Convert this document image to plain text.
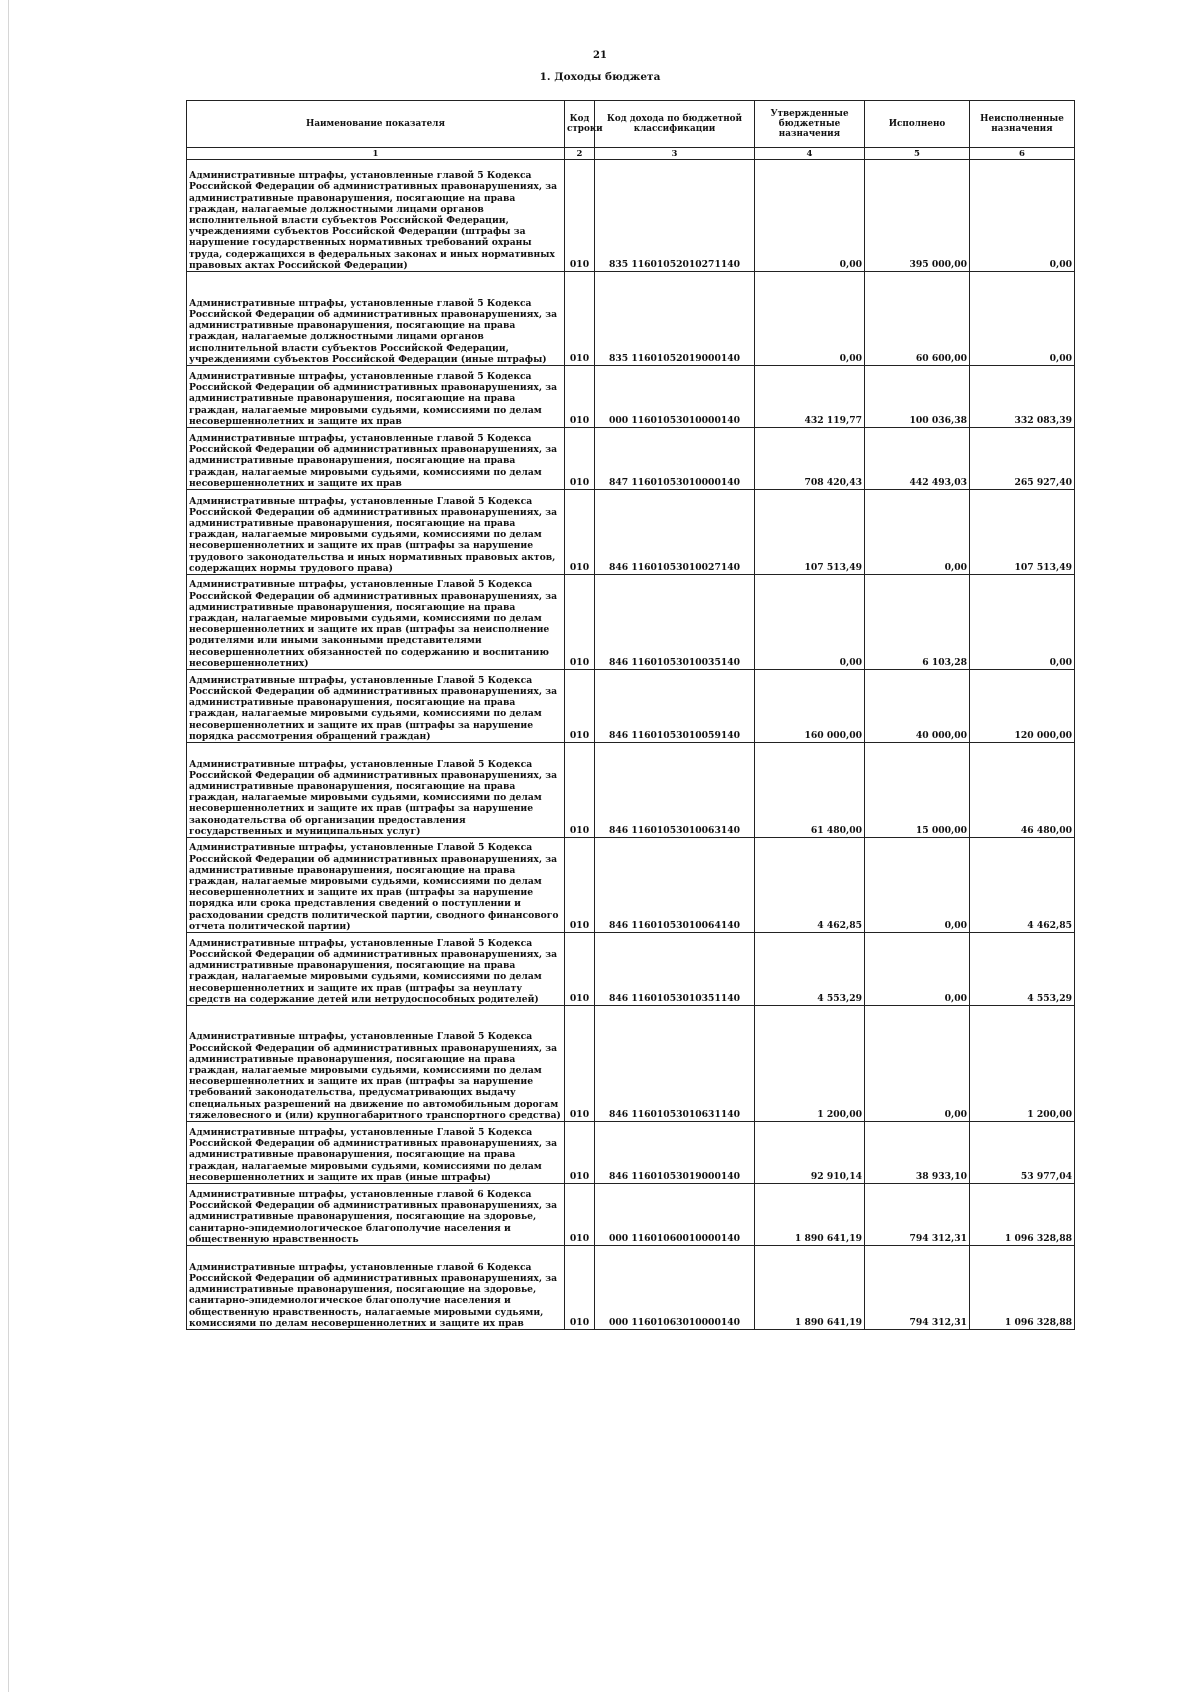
21
1. Доходы бюджета
Наименование показателя	Код строки	Код дохода по бюджетной классификации	Утвержденные бюджетные назначения	Исполнено	Неисполненные назначения
1	2	3	4	5	6
Административные штрафы, установленные главой 5 Кодекса Российской Федерации об административных правонарушениях, за административные правонарушения, посягающие на права граждан, налагаемые должностными лицами органов исполнительной власти субъектов Российской Федерации, учреждениями субъектов Российской Федерации (штрафы за нарушение государственных нормативных требований охраны труда, содержащихся в федеральных законах и иных нормативных правовых актах Российской Федерации)	010	835 11601052010271140	0,00	395 000,00	0,00
Административные штрафы, установленные главой 5 Кодекса Российской Федерации об административных правонарушениях, за административные правонарушения, посягающие на права граждан, налагаемые должностными лицами органов исполнительной власти субъектов Российской Федерации, учреждениями субъектов Российской Федерации (иные штрафы)	010	835 11601052019000140	0,00	60 600,00	0,00
Административные штрафы, установленные главой 5 Кодекса Российской Федерации об административных правонарушениях, за административные правонарушения, посягающие на права граждан, налагаемые мировыми судьями, комиссиями по делам несовершеннолетних и защите их прав	010	000 11601053010000140	432 119,77	100 036,38	332 083,39
Административные штрафы, установленные главой 5 Кодекса Российской Федерации об административных правонарушениях, за административные правонарушения, посягающие на права граждан, налагаемые мировыми судьями, комиссиями по делам несовершеннолетних и защите их прав	010	847 11601053010000140	708 420,43	442 493,03	265 927,40
Административные штрафы, установленные Главой 5 Кодекса Российской Федерации об административных правонарушениях, за административные правонарушения, посягающие на права граждан, налагаемые мировыми судьями, комиссиями по делам несовершеннолетних и защите их прав (штрафы за нарушение трудового законодательства и иных нормативных правовых актов, содержащих нормы трудового права)	010	846 11601053010027140	107 513,49	0,00	107 513,49
Административные штрафы, установленные Главой 5 Кодекса Российской Федерации об административных правонарушениях, за административные правонарушения, посягающие на права граждан, налагаемые мировыми судьями, комиссиями по делам несовершеннолетних и защите их прав (штрафы за неисполнение родителями или иными законными представителями несовершеннолетних обязанностей по содержанию и воспитанию несовершеннолетних)	010	846 11601053010035140	0,00	6 103,28	0,00
Административные штрафы, установленные Главой 5 Кодекса Российской Федерации об административных правонарушениях, за административные правонарушения, посягающие на права граждан, налагаемые мировыми судьями, комиссиями по делам несовершеннолетних и защите их прав (штрафы за нарушение порядка рассмотрения обращений граждан)	010	846 11601053010059140	160 000,00	40 000,00	120 000,00
Административные штрафы, установленные Главой 5 Кодекса Российской Федерации об административных правонарушениях, за административные правонарушения, посягающие на права граждан, налагаемые мировыми судьями, комиссиями по делам несовершеннолетних и защите их прав (штрафы за нарушение законодательства об организации предоставления государственных и муниципальных услуг)	010	846 11601053010063140	61 480,00	15 000,00	46 480,00
Административные штрафы, установленные Главой 5 Кодекса Российской Федерации об административных правонарушениях, за административные правонарушения, посягающие на права граждан, налагаемые мировыми судьями, комиссиями по делам несовершеннолетних и защите их прав (штрафы за нарушение порядка или срока представления сведений о поступлении и расходовании средств политической партии, сводного финансового отчета политической партии)	010	846 11601053010064140	4 462,85	0,00	4 462,85
Административные штрафы, установленные Главой 5 Кодекса Российской Федерации об административных правонарушениях, за административные правонарушения, посягающие на права граждан, налагаемые мировыми судьями, комиссиями по делам несовершеннолетних и защите их прав (штрафы за неуплату средств на содержание детей или нетрудоспособных родителей)	010	846 11601053010351140	4 553,29	0,00	4 553,29
Административные штрафы, установленные Главой 5 Кодекса Российской Федерации об административных правонарушениях, за административные правонарушения, посягающие на права граждан, налагаемые мировыми судьями, комиссиями по делам несовершеннолетних и защите их прав (штрафы за нарушение требований законодательства, предусматривающих выдачу специальных разрешений на движение по автомобильным дорогам тяжеловесного и (или) крупногабаритного транспортного средства)	010	846 11601053010631140	1 200,00	0,00	1 200,00
Административные штрафы, установленные Главой 5 Кодекса Российской Федерации об административных правонарушениях, за административные правонарушения, посягающие на права граждан, налагаемые мировыми судьями, комиссиями по делам несовершеннолетних и защите их прав (иные штрафы)	010	846 11601053019000140	92 910,14	38 933,10	53 977,04
Административные штрафы, установленные главой 6 Кодекса Российской Федерации об административных правонарушениях, за административные правонарушения, посягающие на здоровье, санитарно-эпидемиологическое благополучие населения и общественную нравственность	010	000 11601060010000140	1 890 641,19	794 312,31	1 096 328,88
Административные штрафы, установленные главой 6 Кодекса Российской Федерации об административных правонарушениях, за административные правонарушения, посягающие на здоровье, санитарно-эпидемиологическое благополучие населения и общественную нравственность, налагаемые мировыми судьями, комиссиями по делам несовершеннолетних и защите их прав	010	000 11601063010000140	1 890 641,19	794 312,31	1 096 328,88
